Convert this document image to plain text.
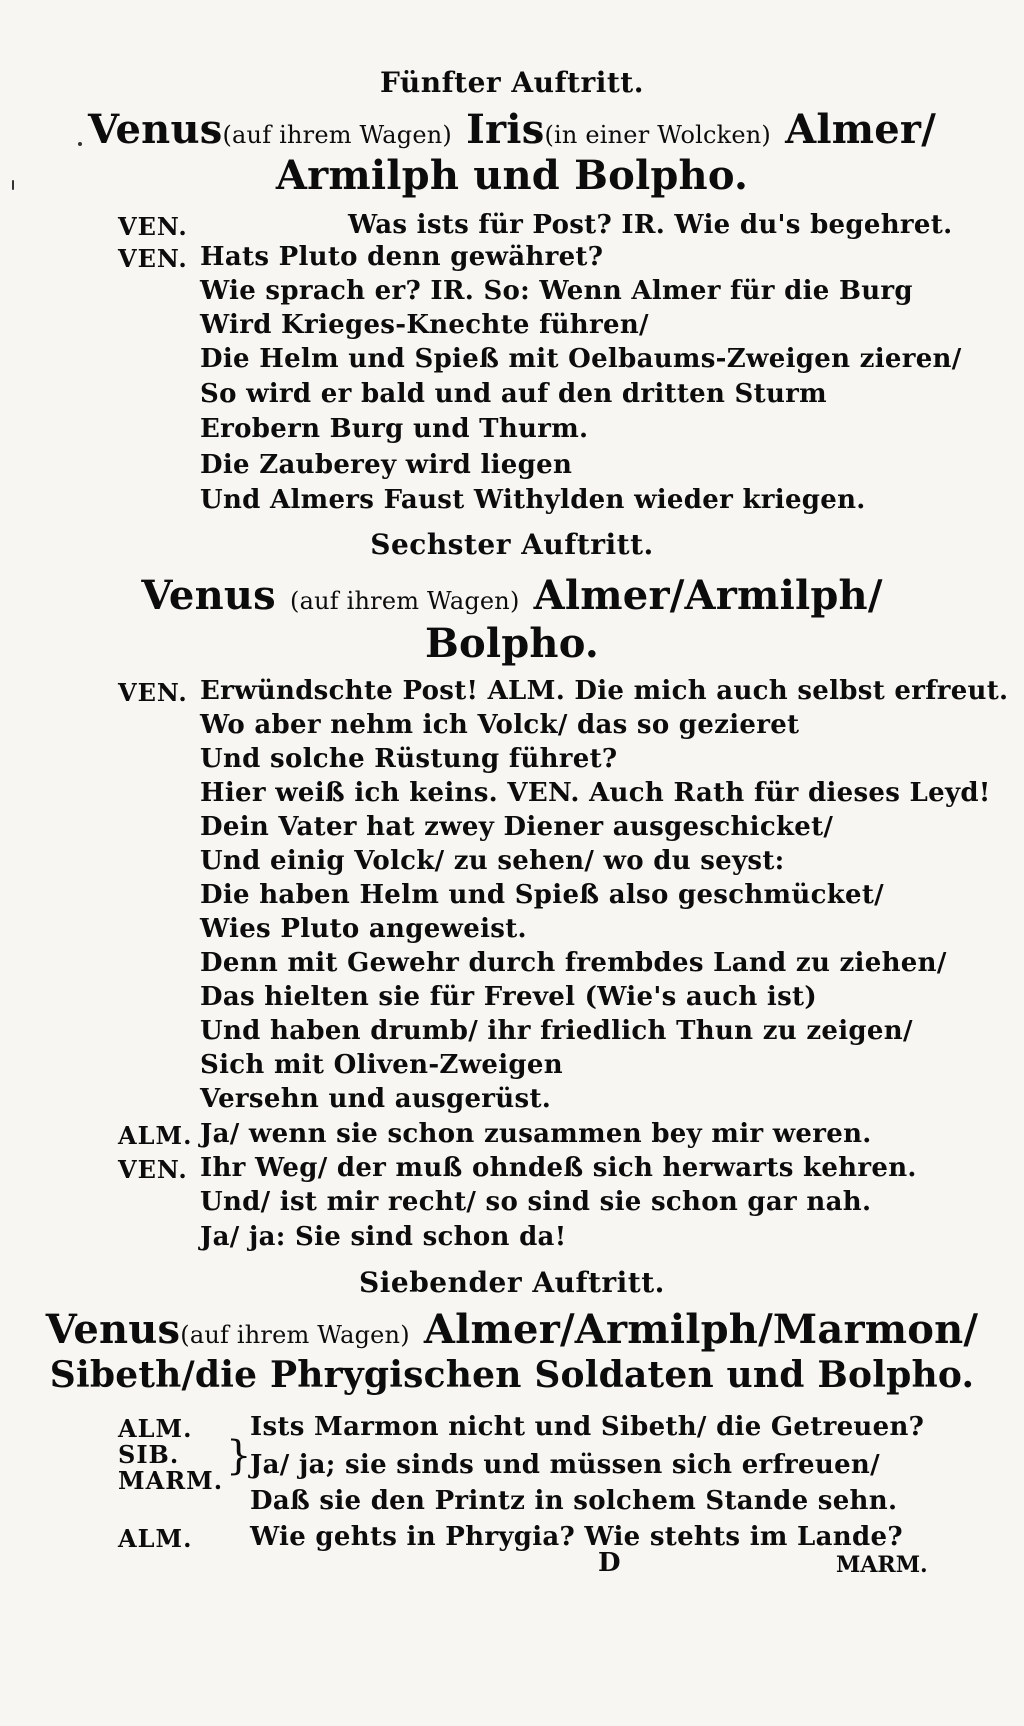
Fünfter Auftritt.
Venus(auf ihrem Wagen) Iris(in einer Wolcken) Almer/
Armilph und Bolpho.
VEN.	Was ists für Post? IR. Wie du's begehret.
VEN. Hats Pluto denn gewähret?
Wie sprach er? IR. So: Wenn Almer für die Burg
Wird Krieges-Knechte führen/
Die Helm und Spieß mit Oelbaums-Zweigen zieren/
So wird er bald und auf den dritten Sturm
Erobern Burg und Thurm.
Die Zauberey wird liegen
Und Almers Faust Withylden wieder kriegen.
Sechster Auftritt.
Venus (auf ihrem Wagen) Almer/Armilph/
Bolpho.
VEN. Erwündschte Post! ALM. Die mich auch selbst erfreut.
Wo aber nehm ich Volck/ das so gezieret
Und solche Rüstung führet?
Hier weiß ich keins. VEN. Auch Rath für dieses Leyd!
Dein Vater hat zwey Diener ausgeschicket/
Und einig Volck/ zu sehen/ wo du seyst:
Die haben Helm und Spieß also geschmücket/
Wies Pluto angeweist.
Denn mit Gewehr durch frembdes Land zu ziehen/
Das hielten sie für Frevel (Wie's auch ist)
Und haben drumb/ ihr friedlich Thun zu zeigen/
Sich mit Oliven-Zweigen
Versehn und ausgerüst.
ALM. Ja/ wenn sie schon zusammen bey mir weren.
VEN. Ihr Weg/ der muß ohndeß sich herwarts kehren.
Und/ ist mir recht/ so sind sie schon gar nah.
Ja/ ja: Sie sind schon da!
Siebender Auftritt.
Venus(auf ihrem Wagen) Almer/Armilph/Marmon/
Sibeth/die Phrygischen Soldaten und Bolpho.
ALM. Ists Marmon nicht und Sibeth/ die Getreuen?
SIB.
MARM.
}
Ja/ ja; sie sinds und müssen sich erfreuen/
Daß sie den Printz in solchem Stande sehn.
ALM. Wie gehts in Phrygia? Wie stehts im Lande?
D	MARM.
